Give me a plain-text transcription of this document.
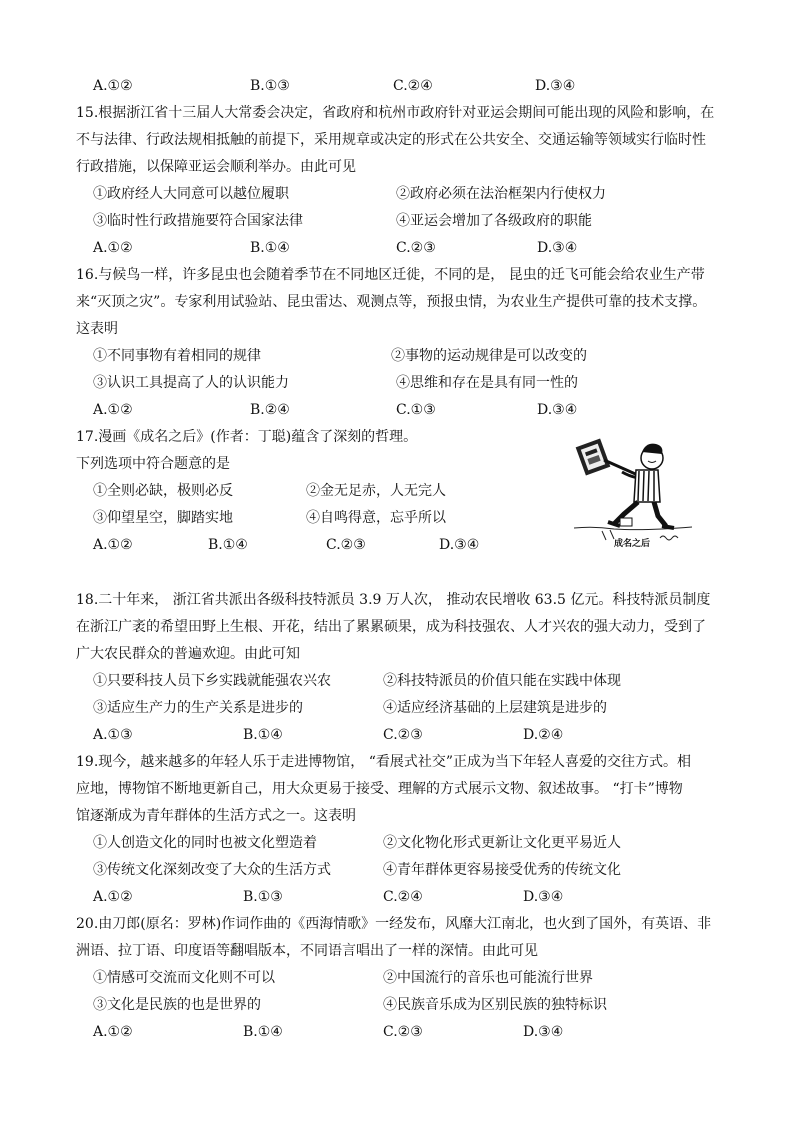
A.①②	B.①③	C.②④	D.③④
15.根据浙江省十三届人大常委会决定，省政府和杭州市政府针对亚运会期间可能出现的风险和影响，在
不与法律、行政法规相抵触的前提下，采用规章或决定的形式在公共安全、交通运输等领域实行临时性
行政措施，以保障亚运会顺利举办。由此可见
①政府经人大同意可以越位履职	②政府必须在法治框架内行使权力
③临时性行政措施要符合国家法律	④亚运会增加了各级政府的职能
A.①②	B.①④	C.②③	D.③④
16.与候鸟一样，许多昆虫也会随着季节在不同地区迁徙，不同的是， 昆虫的迁飞可能会给农业生产带
来“灭顶之灾”。专家利用试验站、昆虫雷达、观测点等，预报虫情，为农业生产提供可靠的技术支撑。
这表明
①不同事物有着相同的规律	②事物的运动规律是可以改变的
③认识工具提高了人的认识能力	④思维和存在是具有同一性的
A.①②	B.②④	C.①③	D.③④
17.漫画《成名之后》(作者：丁聪)蕴含了深刻的哲理。
下列选项中符合题意的是
①全则必缺，极则必反	②金无足赤，人无完人
③仰望星空，脚踏实地	④自鸣得意，忘乎所以
A.①②	B.①④	C.②③	D.③④	成名之后
18.二十年来， 浙江省共派出各级科技特派员 3.9 万人次， 推动农民增收 63.5 亿元。科技特派员制度
在浙江广袤的希望田野上生根、开花，结出了累累硕果，成为科技强农、人才兴农的强大动力，受到了
广大农民群众的普遍欢迎。由此可知
①只要科技人员下乡实践就能强农兴农	②科技特派员的价值只能在实践中体现
③适应生产力的生产关系是进步的	④适应经济基础的上层建筑是进步的
A.①③	B.①④	C.②③	D.②④
19.现今，越来越多的年轻人乐于走进博物馆， “看展式社交”正成为当下年轻人喜爱的交往方式。相
应地，博物馆不断地更新自己，用大众更易于接受、理解的方式展示文物、叙述故事。 “打卡”博物
馆逐渐成为青年群体的生活方式之一。这表明
①人创造文化的同时也被文化塑造着	②文化物化形式更新让文化更平易近人
③传统文化深刻改变了大众的生活方式	④青年群体更容易接受优秀的传统文化
A.①②	B.①③	C.②④	D.③④
20.由刀郎(原名：罗林)作词作曲的《西海情歌》一经发布，风靡大江南北，也火到了国外，有英语、非
洲语、拉丁语、印度语等翻唱版本，不同语言唱出了一样的深情。由此可见
①情感可交流而文化则不可以	②中国流行的音乐也可能流行世界
③文化是民族的也是世界的	④民族音乐成为区别民族的独特标识
A.①②	B.①④	C.②③	D.③④
